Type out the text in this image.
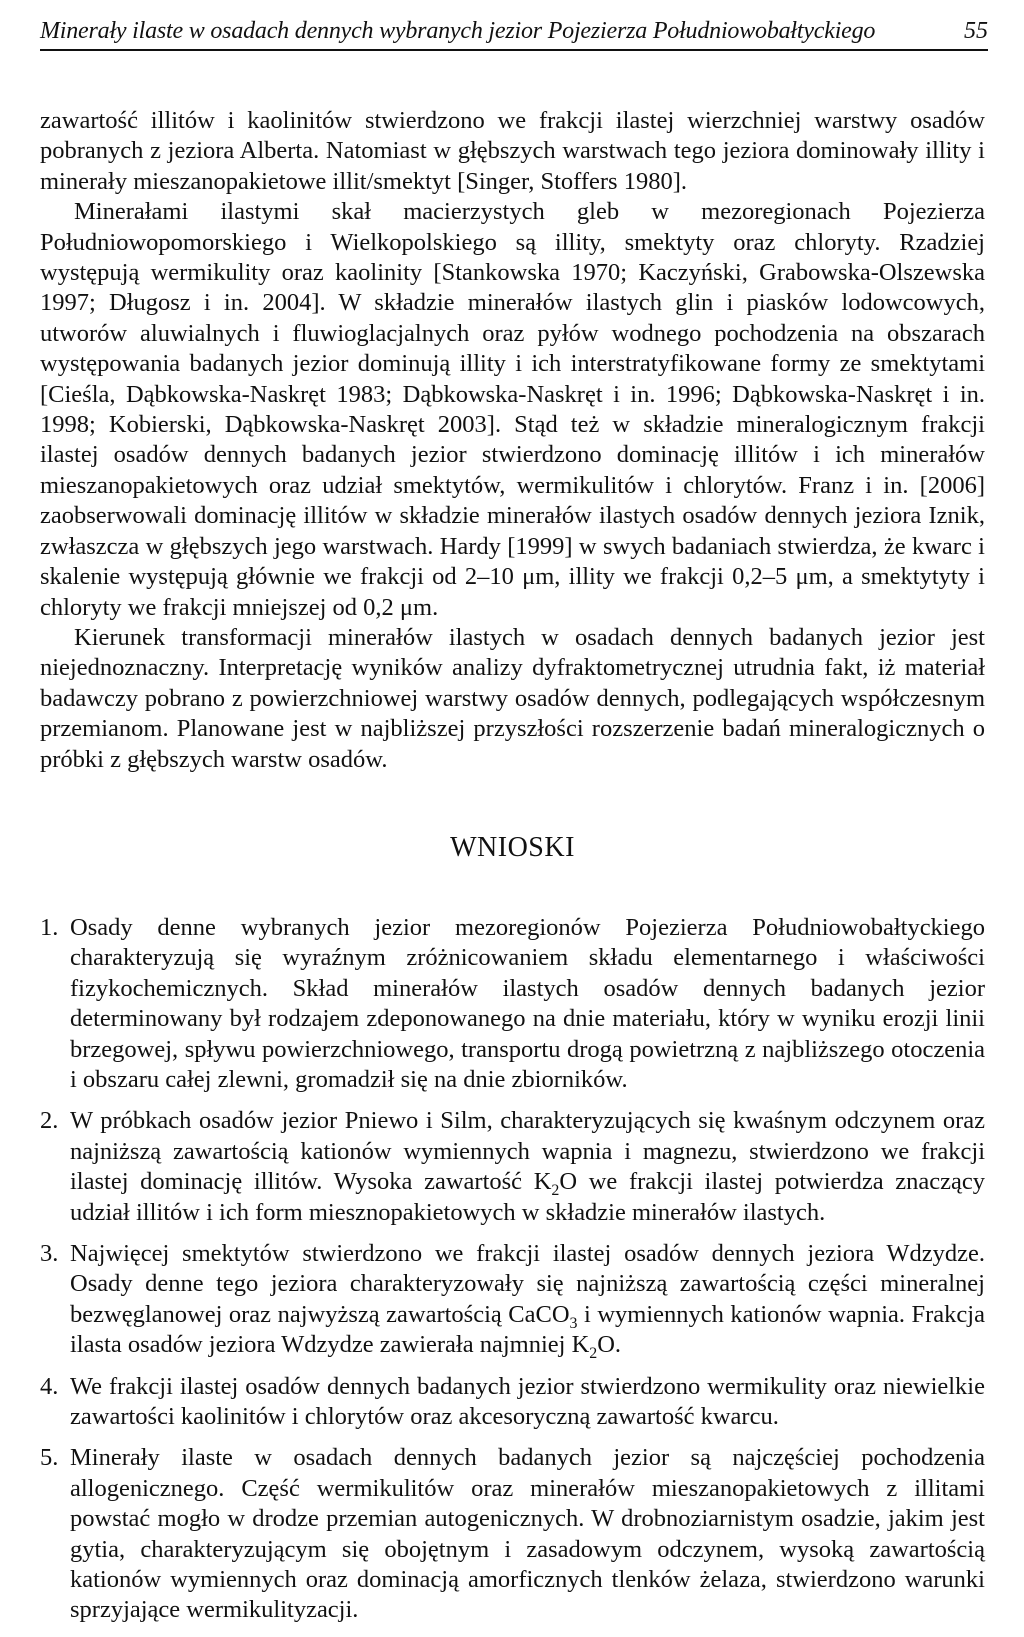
Minerały ilaste w osadach dennych wybranych jezior Pojezierza Południowobałtyckiego	55

zawartość illitów i kaolinitów stwierdzono we frakcji ilastej wierzchniej warstwy osadów pobranych z jeziora Alberta. Natomiast w głębszych warstwach tego jeziora dominowały illity i minerały mieszanopakietowe illit/smektyt [Singer, Stoffers 1980].

Minerałami ilastymi skał macierzystych gleb w mezoregionach Pojezierza Południowopomorskiego i Wielkopolskiego są illity, smektyty oraz chloryty. Rzadziej występują wermikulity oraz kaolinity [Stankowska 1970; Kaczyński, Grabowska-Olszewska 1997; Długosz i in. 2004]. W składzie minerałów ilastych glin i piasków lodowcowych, utworów aluwialnych i fluwioglacjalnych oraz pyłów wodnego pochodzenia na obszarach występowania badanych jezior dominują illity i ich interstratyfikowane formy ze smektytami [Cieśla, Dąbkowska-Naskręt 1983; Dąbkowska-Naskręt i in. 1996; Dąbkowska-Naskręt i in. 1998; Kobierski, Dąbkowska-Naskręt 2003]. Stąd też w składzie mineralogicznym frakcji ilastej osadów dennych badanych jezior stwierdzono dominację illitów i ich minerałów mieszanopakietowych oraz udział smektytów, wermikulitów i chlorytów. Franz i in. [2006] zaobserwowali dominację illitów w składzie minerałów ilastych osadów dennych jeziora Iznik, zwłaszcza w głębszych jego warstwach. Hardy [1999] w swych badaniach stwierdza, że kwarc i skalenie występują głównie we frakcji od 2–10 μm, illity we frakcji 0,2–5 μm, a smektytyty i chloryty we frakcji mniejszej od 0,2 μm.

Kierunek transformacji minerałów ilastych w osadach dennych badanych jezior jest niejednoznaczny. Interpretację wyników analizy dyfraktometrycznej utrudnia fakt, iż materiał badawczy pobrano z powierzchniowej warstwy osadów dennych, podlegających współczesnym przemianom. Planowane jest w najbliższej przyszłości rozszerzenie badań mineralogicznych o próbki z głębszych warstw osadów.

WNIOSKI
1. Osady denne wybranych jezior mezoregionów Pojezierza Południowobałtyckiego charakteryzują się wyraźnym zróżnicowaniem składu elementarnego i właściwości fizykochemicznych. Skład minerałów ilastych osadów dennych badanych jezior determinowany był rodzajem zdeponowanego na dnie materiału, który w wyniku erozji linii brzegowej, spływu powierzchniowego, transportu drogą powietrzną z najbliższego otoczenia i obszaru całej zlewni, gromadził się na dnie zbiorników.
2. W próbkach osadów jezior Pniewo i Silm, charakteryzujących się kwaśnym odczynem oraz najniższą zawartością kationów wymiennych wapnia i magnezu, stwierdzono we frakcji ilastej dominację illitów. Wysoka zawartość $K_2O$ we frakcji ilastej potwierdza znaczący udział illitów i ich form miesznopakietowych w składzie minerałów ilastych.
3. Najwięcej smektytów stwierdzono we frakcji ilastej osadów dennych jeziora Wdzydze. Osady denne tego jeziora charakteryzowały się najniższą zawartością części mineralnej bezwęglanowej oraz najwyższą zawartością CaCO$_3$ i wymiennych kationów wapnia. Frakcja ilasta osadów jeziora Wdzydze zawierała najmniej $K_2O$.
4. We frakcji ilastej osadów dennych badanych jezior stwierdzono wermikulity oraz niewielkie zawartości kaolinitów i chlorytów oraz akcesoryczną zawartość kwarcu.
5. Minerały ilaste w osadach dennych badanych jezior są najczęściej pochodzenia allogenicznego. Część wermikulitów oraz minerałów mieszanopakietowych z illitami powstać mogło w drodze przemian autogenicznych. W drobnoziarnistym osadzie, jakim jest gytia, charakteryzującym się obojętnym i zasadowym odczynem, wysoką zawartością kationów wymiennych oraz dominacją amorficznych tlenków żelaza, stwierdzono warunki sprzyjające wermikulityzacji.
